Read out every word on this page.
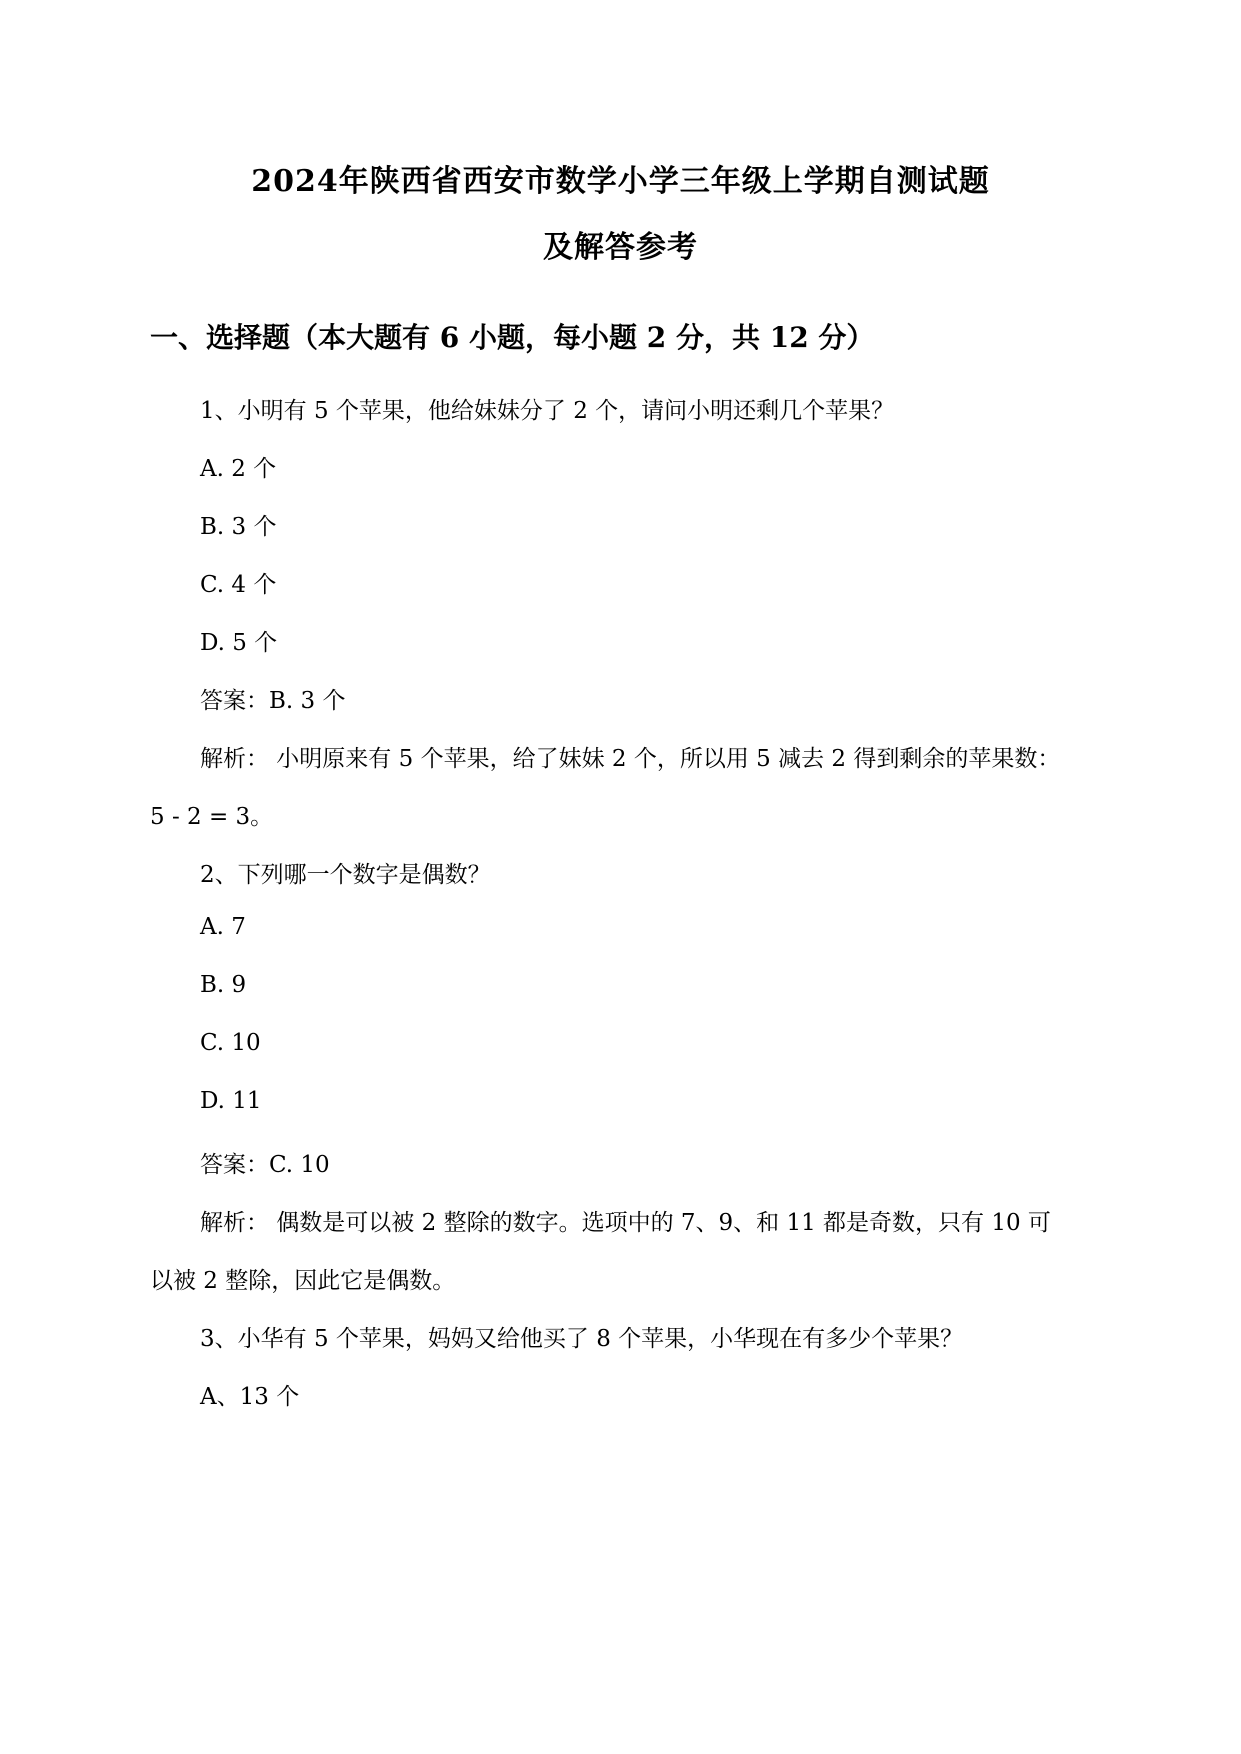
2024年陕西省西安市数学小学三年级上学期自测试题
及解答参考
一、选择题（本大题有 6 小题，每小题 2 分，共 12 分）
1、小明有 5 个苹果，他给妹妹分了 2 个，请问小明还剩几个苹果？
A. 2 个
B. 3 个
C. 4 个
D. 5 个
答案：B. 3 个
解析： 小明原来有 5 个苹果，给了妹妹 2 个，所以用 5 减去 2 得到剩余的苹果数：
5 - 2 = 3。
2、下列哪一个数字是偶数？
A. 7
B. 9
C. 10
D. 11
答案：C. 10
解析： 偶数是可以被 2 整除的数字。选项中的 7、9、和 11 都是奇数，只有 10 可
以被 2 整除，因此它是偶数。
3、小华有 5 个苹果，妈妈又给他买了 8 个苹果，小华现在有多少个苹果？
A、13 个
